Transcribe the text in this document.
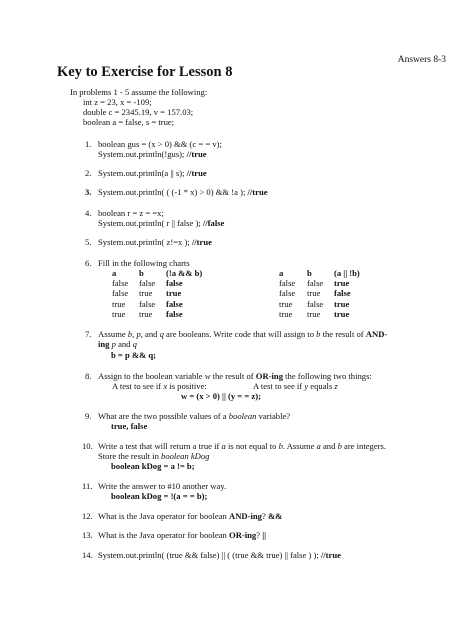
Answers 8-3
Key to Exercise for Lesson 8
In problems 1 - 5 assume the following:
int z = 23, x = -109;
double c = 2345.19, v = 157.03;
boolean a = false, s = true;
1. boolean gus = (x > 0) && (c = = v);
System.out.println(!gus); //true
2. System.out.println(a || s); //true
3. System.out.println( ( (-1 * x) > 0) && !a ); //true
4. boolean r = z = =x;
System.out.println( r || false ); //false
5. System.out.println( z!=x ); //true
6. Fill in the following charts
a	b	(!a && b)
false	false	false
false	true	true
true	false	false
true	true	false
a	b	(a || !b)
false	false	true
false	true	false
true	false	true
true	true	true
7. Assume b, p, and q are booleans. Write code that will assign to b the result of AND-
ing p and q
b = p && q;
8. Assign to the boolean variable w the result of OR-ing the following two things:
A test to see if x is positive:	A test to see if y equals z
w = (x > 0) || (y = = z);
9. What are the two possible values of a boolean variable?
true, false
10. Write a test that will return a true if a is not equal to b. Assume a and b are integers.
Store the result in boolean kDog
boolean kDog = a != b;
11. Write the answer to #10 another way.
boolean kDog = !(a = = b);
12. What is the Java operator for boolean AND-ing? &&
13. What is the Java operator for boolean OR-ing? ||
14. System.out.println( (true && false) || ( (true && true) || false ) ); //true
